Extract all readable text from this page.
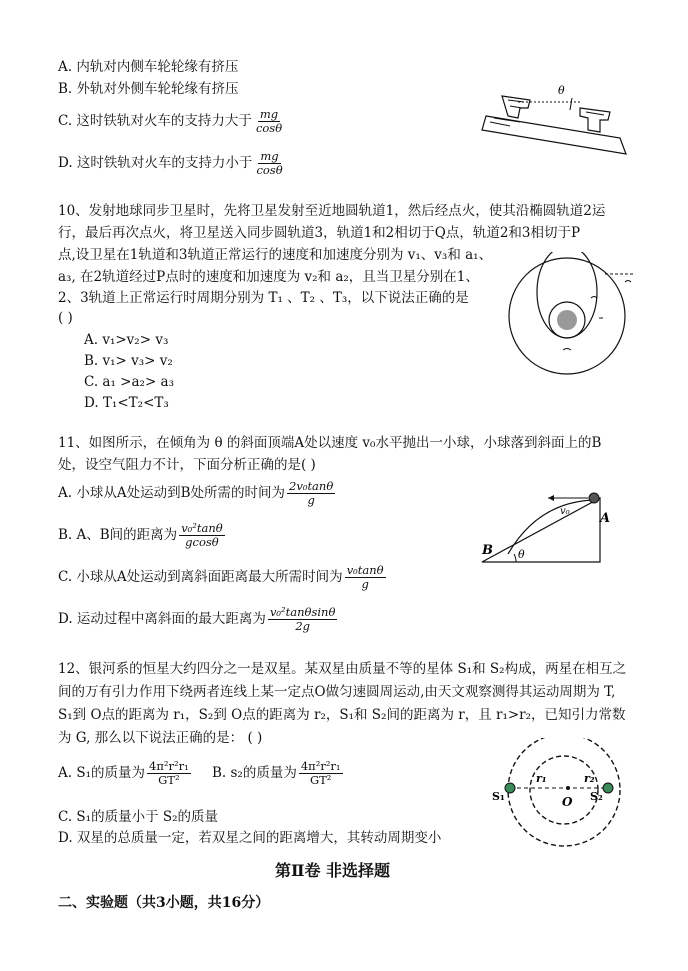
A. 内轨对内侧车轮轮缘有挤压
B. 外轨对外侧车轮轮缘有挤压
C. 这时铁轨对火车的支持力大于 $\frac{mg}{\cos\theta}$
D. 这时铁轨对火车的支持力小于 $\frac{mg}{\cos\theta}$
θ
10、发射地球同步卫星时，先将卫星发射至近地圆轨道1，然后经点火，使其沿椭圆轨道2运
行，最后再次点火，将卫星送入同步圆轨道3，轨道1和2相切于Q点，轨道2和3相切于P
点,设卫星在1轨道和3轨道正常运行的速度和加速度分别为 v₁、v₃和 a₁、
a₃, 在2轨道经过P点时的速度和加速度为 v₂和 a₂，且当卫星分别在1、
2、3轨道上正常运行时周期分别为 T₁ 、T₂ 、T₃，以下说法正确的是
( )
A. v₁>v₂> v₃
B. v₁> v₃> v₂
C. a₁ >a₂> a₃
D. T₁<T₂<T₃
11、如图所示，在倾角为 θ 的斜面顶端A处以速度 v₀水平抛出一小球，小球落到斜面上的B
处，设空气阻力不计，下面分析正确的是( )
A. 小球从A处运动到B处所需的时间为 $\frac{\text{2v₀tanθ}}{g}$
B. A、B间的距离为 $\frac{\text{v₀²tanθ}}{gcos\theta}$
C. 小球从A处运动到离斜面距离最大所需时间为 $\frac{\text{v₀tanθ}}{g}$
D. 运动过程中离斜面的最大距离为 $\frac{\text{v₀²tanθsinθ}}{2g}$
A
B
v₀
θ
12、银河系的恒星大约四分之一是双星。某双星由质量不等的星体 S₁和 S₂构成，两星在相互之
间的万有引力作用下绕两者连线上某一定点O做匀速圆周运动,由天文观察测得其运动周期为 T,
S₁到 O点的距离为 r₁，S₂到 O点的距离为 r₂，S₁和 S₂间的距离为 r，且 r₁>r₂，已知引力常数
为 G, 那么以下说法正确的是： ( )
A. S₁的质量为 $\frac{\text{4π²r²r₁}}{\text{GT²}} B$. s₂的质量为 $\frac{\text{4π²r²r₁}}{\text{GT²}}$
C. S₁的质量小于 S₂的质量
D. 双星的总质量一定，若双星之间的距离增大，其转动周期变小
S₁	S₂
O
r₁	r₂
第Ⅱ卷 非选择题
二、实验题（共3小题，共16分）
